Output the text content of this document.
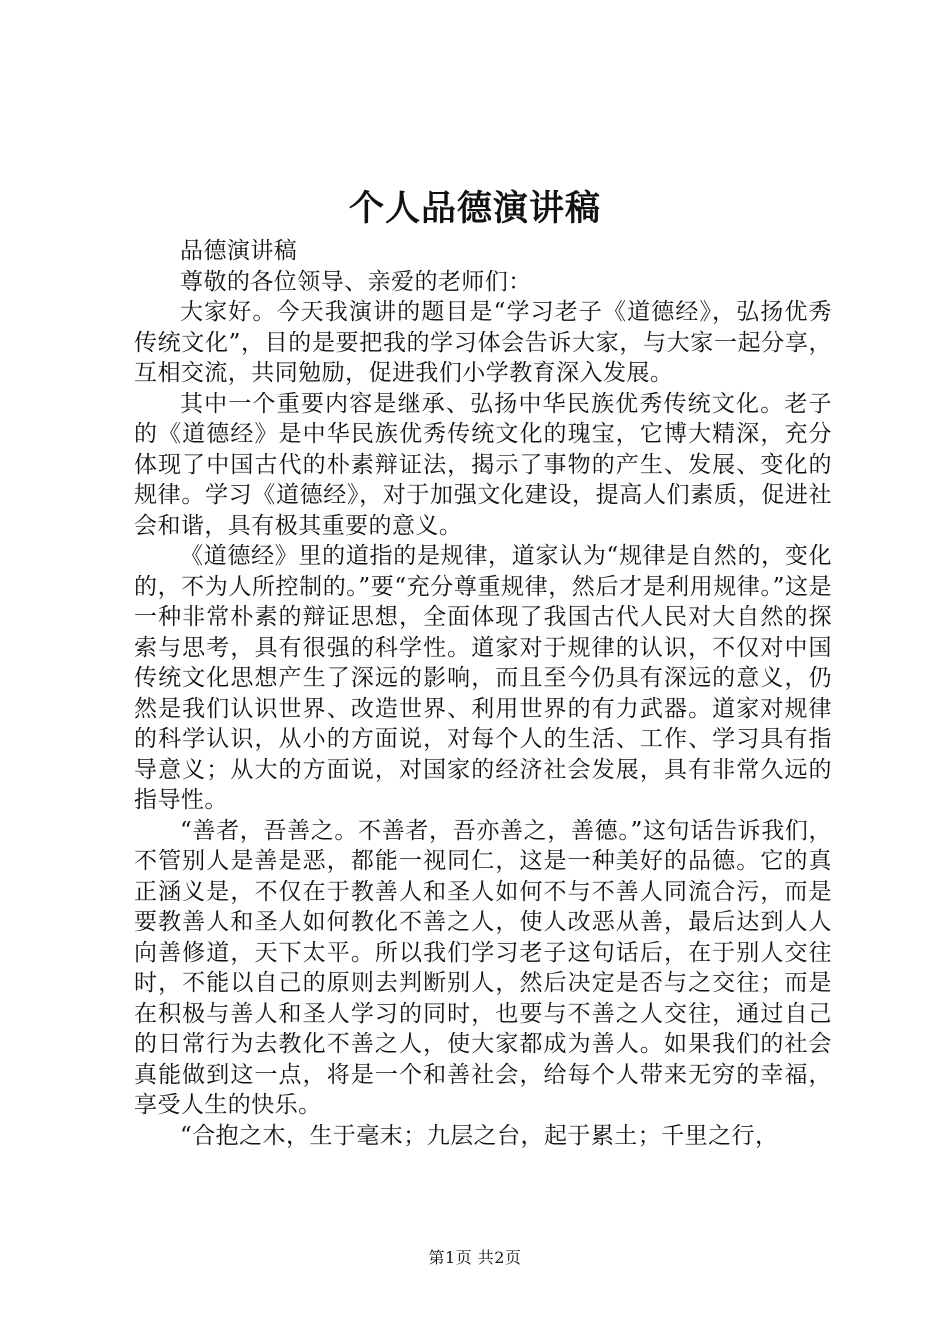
个人品德演讲稿

品德演讲稿

尊敬的各位领导、亲爱的老师们：

大家好。今天我演讲的题目是“学习老子《道德经》，弘扬优秀传统文化”，目的是要把我的学习体会告诉大家，与大家一起分享，互相交流，共同勉励，促进我们小学教育深入发展。

其中一个重要内容是继承、弘扬中华民族优秀传统文化。老子的《道德经》是中华民族优秀传统文化的瑰宝，它博大精深，充分体现了中国古代的朴素辩证法，揭示了事物的产生、发展、变化的规律。学习《道德经》，对于加强文化建设，提高人们素质，促进社会和谐，具有极其重要的意义。

《道德经》里的道指的是规律，道家认为“规律是自然的，变化的，不为人所控制的。”要“充分尊重规律，然后才是利用规律。”这是一种非常朴素的辩证思想，全面体现了我国古代人民对大自然的探索与思考，具有很强的科学性。道家对于规律的认识，不仅对中国传统文化思想产生了深远的影响，而且至今仍具有深远的意义，仍然是我们认识世界、改造世界、利用世界的有力武器。道家对规律的科学认识，从小的方面说，对每个人的生活、工作、学习具有指导意义；从大的方面说，对国家的经济社会发展，具有非常久远的指导性。

“善者，吾善之。不善者，吾亦善之，善德。”这句话告诉我们，不管别人是善是恶，都能一视同仁，这是一种美好的品德。它的真正涵义是，不仅在于教善人和圣人如何不与不善人同流合污，而是要教善人和圣人如何教化不善之人，使人改恶从善，最后达到人人向善修道，天下太平。所以我们学习老子这句话后，在于别人交往时，不能以自己的原则去判断别人，然后决定是否与之交往；而是在积极与善人和圣人学习的同时，也要与不善之人交往，通过自己的日常行为去教化不善之人，使大家都成为善人。如果我们的社会真能做到这一点，将是一个和善社会，给每个人带来无穷的幸福，享受人生的快乐。

“合抱之木，生于毫末；九层之台，起于累土；千里之行，

第1页 共2页
